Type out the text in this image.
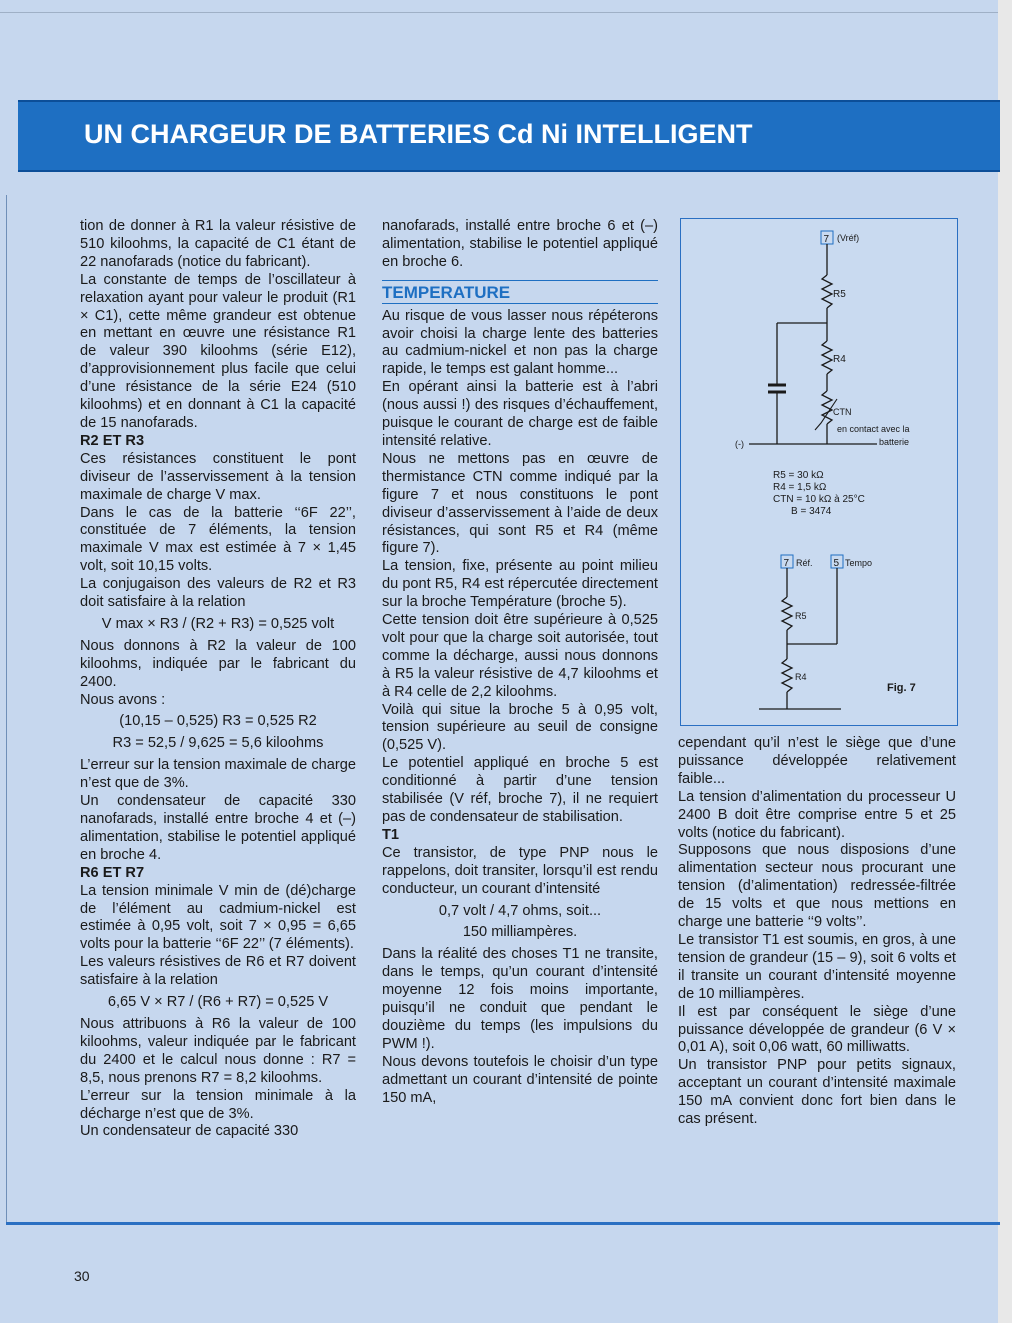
UN CHARGEUR DE BATTERIES Cd Ni INTELLIGENT

tion de donner à R1 la valeur résistive de 510 kiloohms, la capacité de C1 étant de 22 nanofarads (notice du fabricant).

La constante de temps de l’oscillateur à relaxation ayant pour valeur le produit (R1 × C1), cette même grandeur est obtenue en mettant en œuvre une résistance R1 de valeur 390 kiloohms (série E12), d’approvisionnement plus facile que celui d’une résistance de la série E24 (510 kiloohms) et en donnant à C1 la capacité de 15 nanofarads.

R2 ET R3

Ces résistances constituent le pont diviseur de l’asservissement à la tension maximale de charge V max.

Dans le cas de la batterie ‘‘6F 22’’, constituée de 7 éléments, la tension maximale V max est estimée à 7 × 1,45 volt, soit 10,15 volts.

La conjugaison des valeurs de R2 et R3 doit satisfaire à la relation

V max × R3 / (R2 + R3) = 0,525 volt

Nous donnons à R2 la valeur de 100 kiloohms, indiquée par le fabricant du 2400.

Nous avons :

(10,15 – 0,525) R3 = 0,525 R2

R3 = 52,5 / 9,625 = 5,6 kiloohms

L’erreur sur la tension maximale de charge n’est que de 3%.

Un condensateur de capacité 330 nanofarads, installé entre broche 4 et (–) alimentation, stabilise le potentiel appliqué en broche 4.

R6 ET R7

La tension minimale V min de (dé)charge de l’élément au cadmium-nickel est estimée à 0,95 volt, soit 7 × 0,95 = 6,65 volts pour la batterie ‘‘6F 22’’ (7 éléments).

Les valeurs résistives de R6 et R7 doivent satisfaire à la relation

6,65 V × R7 / (R6 + R7) = 0,525 V

Nous attribuons à R6 la valeur de 100 kiloohms, valeur indiquée par le fabricant du 2400 et le calcul nous donne : R7 = 8,5, nous prenons R7 = 8,2 kiloohms.

L’erreur sur la tension minimale à la décharge n’est que de 3%.

Un condensateur de capacité 330

nanofarads, installé entre broche 6 et (–) alimentation, stabilise le potentiel appliqué en broche 6.

TEMPERATURE

Au risque de vous lasser nous répéterons avoir choisi la charge lente des batteries au cadmium-nickel et non pas la charge rapide, le temps est galant homme...

En opérant ainsi la batterie est à l’abri (nous aussi !) des risques d’échauffement, puisque le courant de charge est de faible intensité relative.

Nous ne mettons pas en œuvre de thermistance CTN comme indiqué par la figure 7 et nous constituons le pont diviseur d’asservissement à l’aide de deux résistances, qui sont R5 et R4 (même figure 7).

La tension, fixe, présente au point milieu du pont R5, R4 est répercutée directement sur la broche Température (broche 5).

Cette tension doit être supérieure à 0,525 volt pour que la charge soit autorisée, tout comme la décharge, aussi nous donnons à R5 la valeur résistive de 4,7 kiloohms et à R4 celle de 2,2 kiloohms.

Voilà qui situe la broche 5 à 0,95 volt, tension supérieure au seuil de consigne (0,525 V).

Le potentiel appliqué en broche 5 est conditionné à partir d’une tension stabilisée (V réf, broche 7), il ne requiert pas de condensateur de stabilisation.

T1

Ce transistor, de type PNP nous le rappelons, doit transiter, lorsqu’il est rendu conducteur, un courant d’intensité

0,7 volt / 4,7 ohms, soit...

150 milliampères.

Dans la réalité des choses T1 ne transite, dans le temps, qu’un courant d’intensité moyenne 12 fois moins importante, puisqu’il ne conduit que pendant le douzième du temps (les impulsions du PWM !).

Nous devons toutefois le choisir d’un type admettant un courant d’intensité de pointe 150 mA,

7 (Vréf)
R5
R4
CTN
en contact avec la
batterie
(-)
R5 = 30 kΩ
R4 = 1,5 kΩ
CTN = 10 kΩ à 25°C
B = 3474
7 Réf. 5 Tempo
R5
R4
Fig. 7

cependant qu’il n’est le siège que d’une puissance développée relativement faible...

La tension d’alimentation du processeur U 2400 B doit être comprise entre 5 et 25 volts (notice du fabricant).

Supposons que nous disposions d’une alimentation secteur nous procurant une tension (d’alimentation) redressée-filtrée de 15 volts et que nous mettions en charge une batterie ‘‘9 volts’’.

Le transistor T1 est soumis, en gros, à une tension de grandeur (15 – 9), soit 6 volts et il transite un courant d’intensité moyenne de 10 milliampères.

Il est par conséquent le siège d’une puissance développée de grandeur (6 V × 0,01 A), soit 0,06 watt, 60 milliwatts.

Un transistor PNP pour petits signaux, acceptant un courant d’intensité maximale 150 mA convient donc fort bien dans le cas présent.

30
